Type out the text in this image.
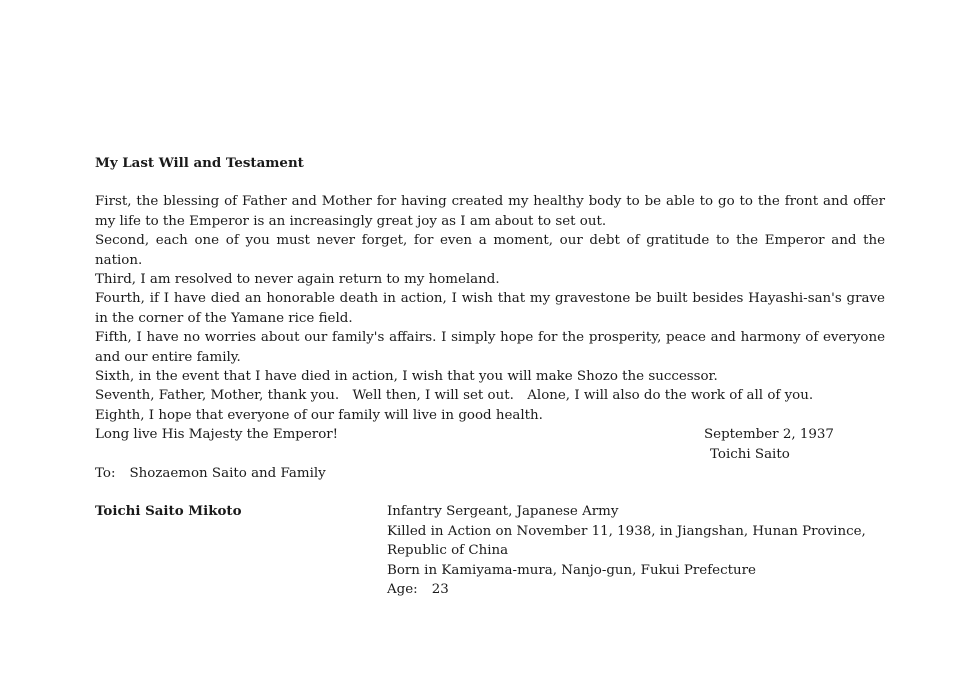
My Last Will and Testament

First, the blessing of Father and Mother for having created my healthy body to be able to go to the front and offer my life to the Emperor is an increasingly great joy as I am about to set out.

Second, each one of you must never forget, for even a moment, our debt of gratitude to the Emperor and the nation.

Third, I am resolved to never again return to my homeland.

Fourth, if I have died an honorable death in action, I wish that my gravestone be built besides Hayashi-san's grave in the corner of the Yamane rice field.

Fifth, I have no worries about our family's affairs. I simply hope for the prosperity, peace and harmony of everyone and our entire family.

Sixth, in the event that I have died in action, I wish that you will make Shozo the successor.

Seventh, Father, Mother, thank you.　Well then, I will set out.　Alone, I will also do the work of all of you.

Eighth, I hope that everyone of our family will live in good health.

Long live His Majesty the Emperor!	September 2, 1937
Toichi Saito
To: Shozaemon Saito and Family
Toichi Saito Mikoto	Infantry Sergeant, Japanese Army

Killed in Action on November 11, 1938, in Jiangshan, Hunan Province,

Republic of China

Born in Kamiyama-mura, Nanjo-gun, Fukui Prefecture

Age: 23
